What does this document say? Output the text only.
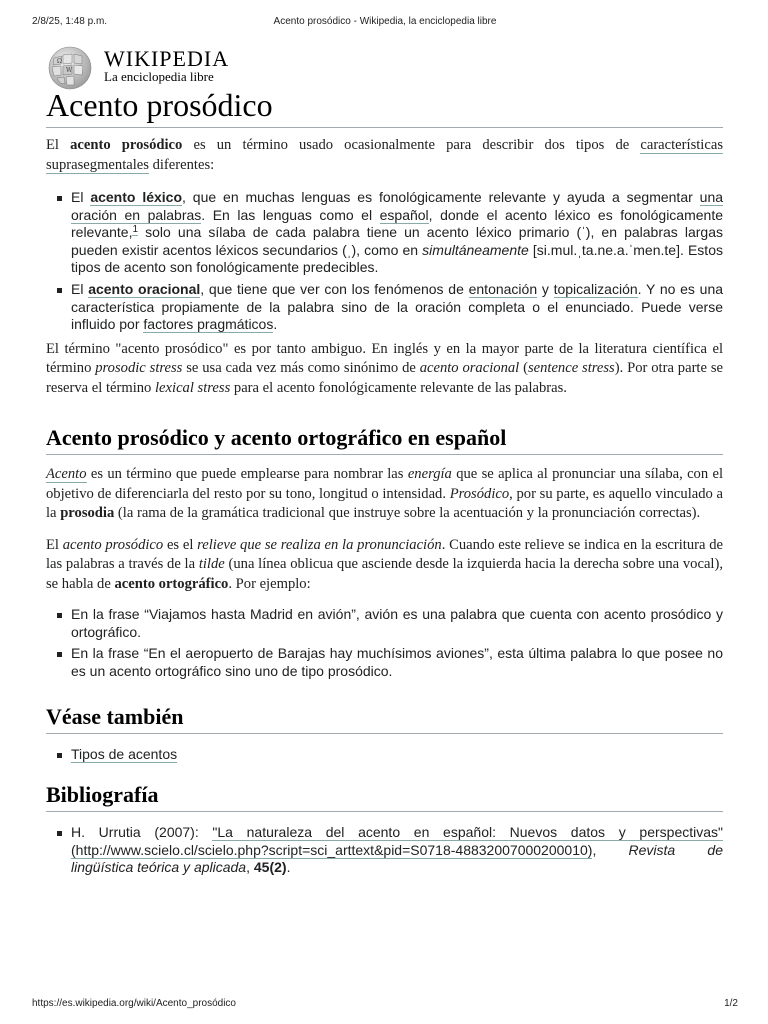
2/8/25, 1:48 p.m.	Acento prosódico - Wikipedia, la enciclopedia libre
Ω
W WIKIPEDIA
La enciclopedia libre
Acento prosódico

El acento prosódico es un término usado ocasionalmente para describir dos tipos de características suprasegmentales diferentes:

El acento léxico, que en muchas lenguas es fonológicamente relevante y ayuda a segmentar una oración en palabras. En las lenguas como el español, donde el acento léxico es fonológicamente relevante,$^1$ solo una sílaba de cada palabra tiene un acento léxico primario (ˈ), en palabras largas pueden existir acentos léxicos secundarios (ˌ), como en simultáneamente [si.mul.ˌta.ne.a.ˈmen.te]. Estos tipos de acento son fonológicamente predecibles.
El acento oracional, que tiene que ver con los fenómenos de entonación y topicalización. Y no es una característica propiamente de la palabra sino de la oración completa o el enunciado. Puede verse influido por factores pragmáticos.

El término "acento prosódico" es por tanto ambiguo. En inglés y en la mayor parte de la literatura científica el término prosodic stress se usa cada vez más como sinónimo de acento oracional (sentence stress). Por otra parte se reserva el término lexical stress para el acento fonológicamente relevante de las palabras.

Acento prosódico y acento ortográfico en español

Acento es un término que puede emplearse para nombrar las energía que se aplica al pronunciar una sílaba, con el objetivo de diferenciarla del resto por su tono, longitud o intensidad. Prosódico, por su parte, es aquello vinculado a la prosodia (la rama de la gramática tradicional que instruye sobre la acentuación y la pronunciación correctas).

El acento prosódico es el relieve que se realiza en la pronunciación. Cuando este relieve se indica en la escritura de las palabras a través de la tilde (una línea oblicua que asciende desde la izquierda hacia la derecha sobre una vocal), se habla de acento ortográfico. Por ejemplo:

En la frase “Viajamos hasta Madrid en avión”, avión es una palabra que cuenta con acento prosódico y ortográfico.
En la frase “En el aeropuerto de Barajas hay muchísimos aviones”, esta última palabra lo que posee no es un acento ortográfico sino uno de tipo prosódico.
Véase también
Tipos de acentos
Bibliografía
H. Urrutia (2007): "La naturaleza del acento en español: Nuevos datos y perspectivas" (http://www.scielo.cl/scielo.php?script=sci_arttext&pid=S0718-48832007000200010), Revista de lingüística teórica y aplicada, 45(2).
https://es.wikipedia.org/wiki/Acento_prosódico	1/2
